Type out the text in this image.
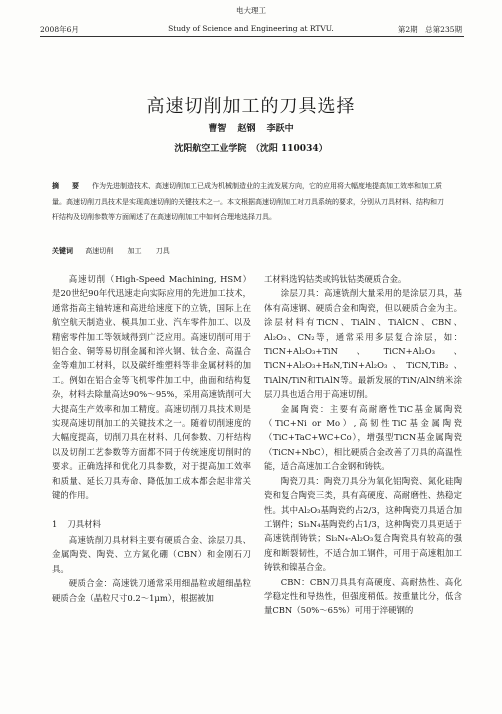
电大理工
2008年6月	Study of Science and Engineering at RTVU.	第2期　总第235期
高速切削加工的刀具选择
曹智 赵钢 李跃中
沈阳航空工业学院　（沈阳 110034）
摘　要 作为先进制造技术、高速切削加工已成为机械制造业的主流发展方向，它的应用将大幅度地提高加工效率和加工质量。高速切削刀具技术是实现高速切削的关键技术之一。本文根据高速切削加工对刀具系统的要求，分别从刀具材料、结构和刀杆结构及切削参数等方面阐述了在高速切削加工中如何合理地选择刀具。
关键词 高速切削 加工 刀具

高速切削（High-Speed Machining, HSM）是20世纪90年代迅速走向实际应用的先进加工技术，通常指高主轴转速和高进给速度下的立铣，国际上在航空航天制造业、模具加工业、汽车零件加工、以及精密零件加工等领域得到广泛应用。高速切削可用于铝合金、铜等易切削金属和淬火钢、钛合金、高温合金等难加工材料，以及碳纤维塑料等非金属材料的加工。例如在铝合金等飞机零件加工中，曲面和结构复杂，材料去除量高达90%～95%，采用高速铣削可大大提高生产效率和加工精度。高速切削刀具技术则是实现高速切削加工的关键技术之一。随着切削速度的大幅度提高，切削刀具在材料、几何参数、刀杆结构以及切削工艺参数等方面都不同于传统速度切削时的要求。正确选择和优化刀具参数，对于提高加工效率和质量、延长刀具寿命、降低加工成本都会起非常关键的作用。

1 刀具材料

高速铣削刀具材料主要有硬质合金、涂层刀具、金属陶瓷、陶瓷、立方氮化硼（CBN）和金刚石刀具。

硬质合金：高速铣刀通常采用细晶粒或超细晶粒硬质合金（晶粒尺寸0.2～1μm），根据被加

工材料选钨钴类或钨钛钴类硬质合金。

涂层刀具：高速铣削大量采用的是涂层刀具，基体有高速钢、硬质合金和陶瓷，但以硬质合金为主。涂层材料有TiCN、TiAlN、TiAlCN、CBN、Al₂O₃、CN₂等，通常采用多层复合涂层，如：TiCN+Al₂O₃+TiN、TiCN+Al₂O₃、TiCN+Al₂O₃+H₆N,TiN+Al₂O₃、TiCN,TiB₂、TiAlN/TiN和TiAlN等。最新发展的TiN/AlN纳米涂层刀具也适合用于高速切削。

金属陶瓷：主要有高耐磨性TiC基金属陶瓷（TiC+Ni or Mo）,高韧性TiC基金属陶瓷（TiC+TaC+WC+Co），增强型TiCN基金属陶瓷（TiCN+NbC），相比硬质合金改善了刀具的高温性能，适合高速加工合金钢和铸铁。

陶瓷刀具：陶瓷刀具分为氧化铝陶瓷、氮化硅陶瓷和复合陶瓷三类，具有高硬度、高耐磨性、热稳定性。其中Al₂O₃基陶瓷约占2/3，这种陶瓷刀具适合加工钢件；Si₃N₄基陶瓷约占1/3，这种陶瓷刀具更适于高速铣削铸铁；Si₃N₄-Al₂O₃复合陶瓷具有较高的强度和断裂韧性，不适合加工钢件，可用于高速粗加工铸铁和镍基合金。

CBN：CBN刀具具有高硬度、高耐热性、高化学稳定性和导热性，但强度稍低。按重量比分，低含量CBN（50%～65%）可用于淬硬钢的
